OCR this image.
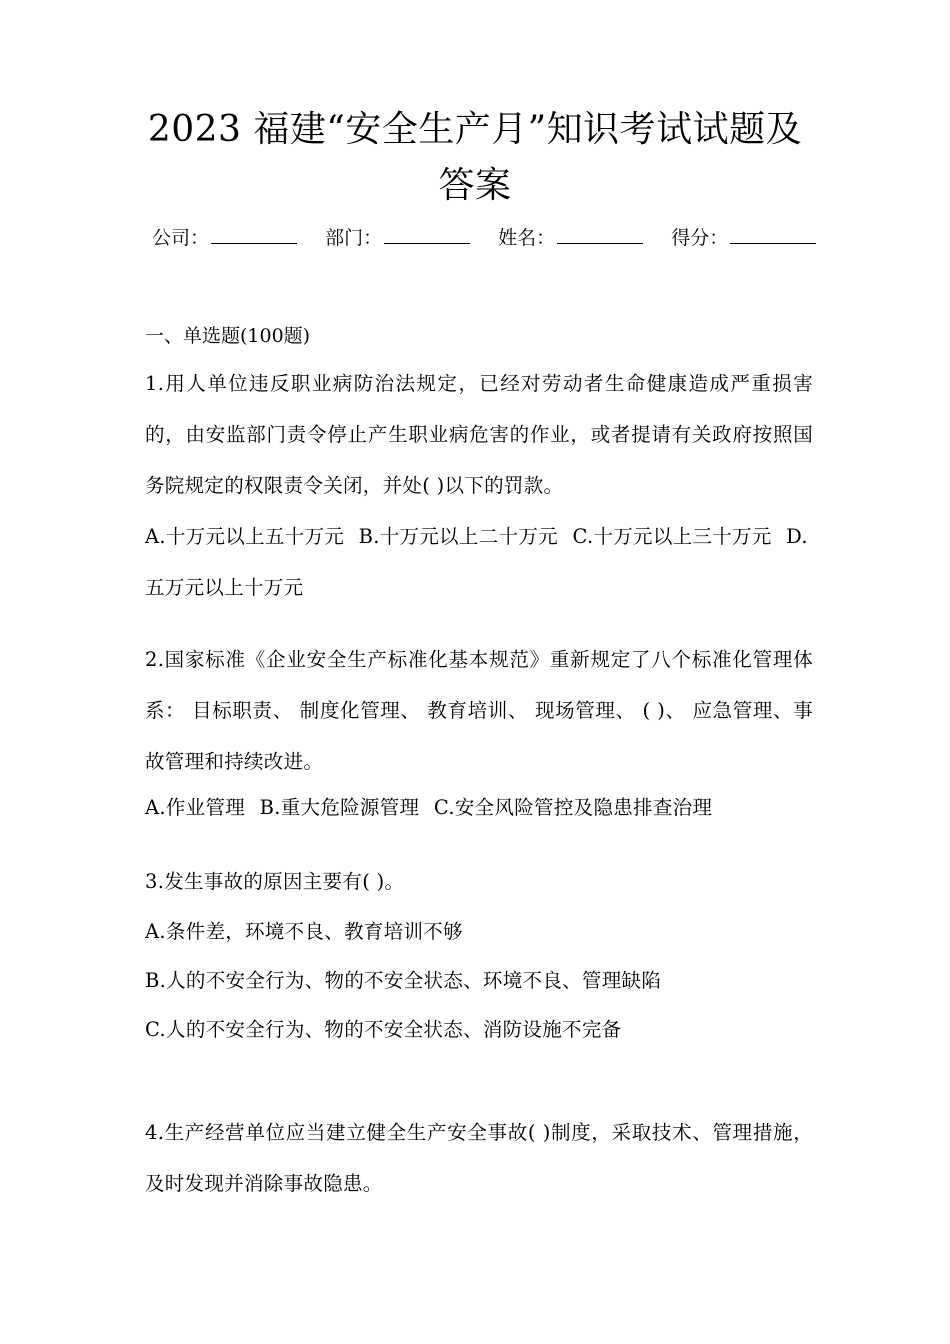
2023 福建“安全生产月”知识考试试题及
答案
公司：	部门：	姓名：	得分：
一、单选题(100题)
1.用人单位违反职业病防治法规定，已经对劳动者生命健康造成严重损害的，由安监部门责令停止产生职业病危害的作业，或者提请有关政府按照国务院规定的权限责令关闭，并处( )以下的罚款。
A.十万元以上五十万元 B.十万元以上二十万元 C.十万元以上三十万元 D.五万元以上十万元
2.国家标准《企业安全生产标准化基本规范》重新规定了八个标准化管理体系： 目标职责、 制度化管理、 教育培训、 现场管理、 ( )、 应急管理、事故管理和持续改进。
A.作业管理 B.重大危险源管理 C.安全风险管控及隐患排查治理
3.发生事故的原因主要有( )。
A.条件差，环境不良、教育培训不够
B.人的不安全行为、物的不安全状态、环境不良、管理缺陷
C.人的不安全行为、物的不安全状态、消防设施不完备
4.生产经营单位应当建立健全生产安全事故( )制度，采取技术、管理措施，及时发现并消除事故隐患。
